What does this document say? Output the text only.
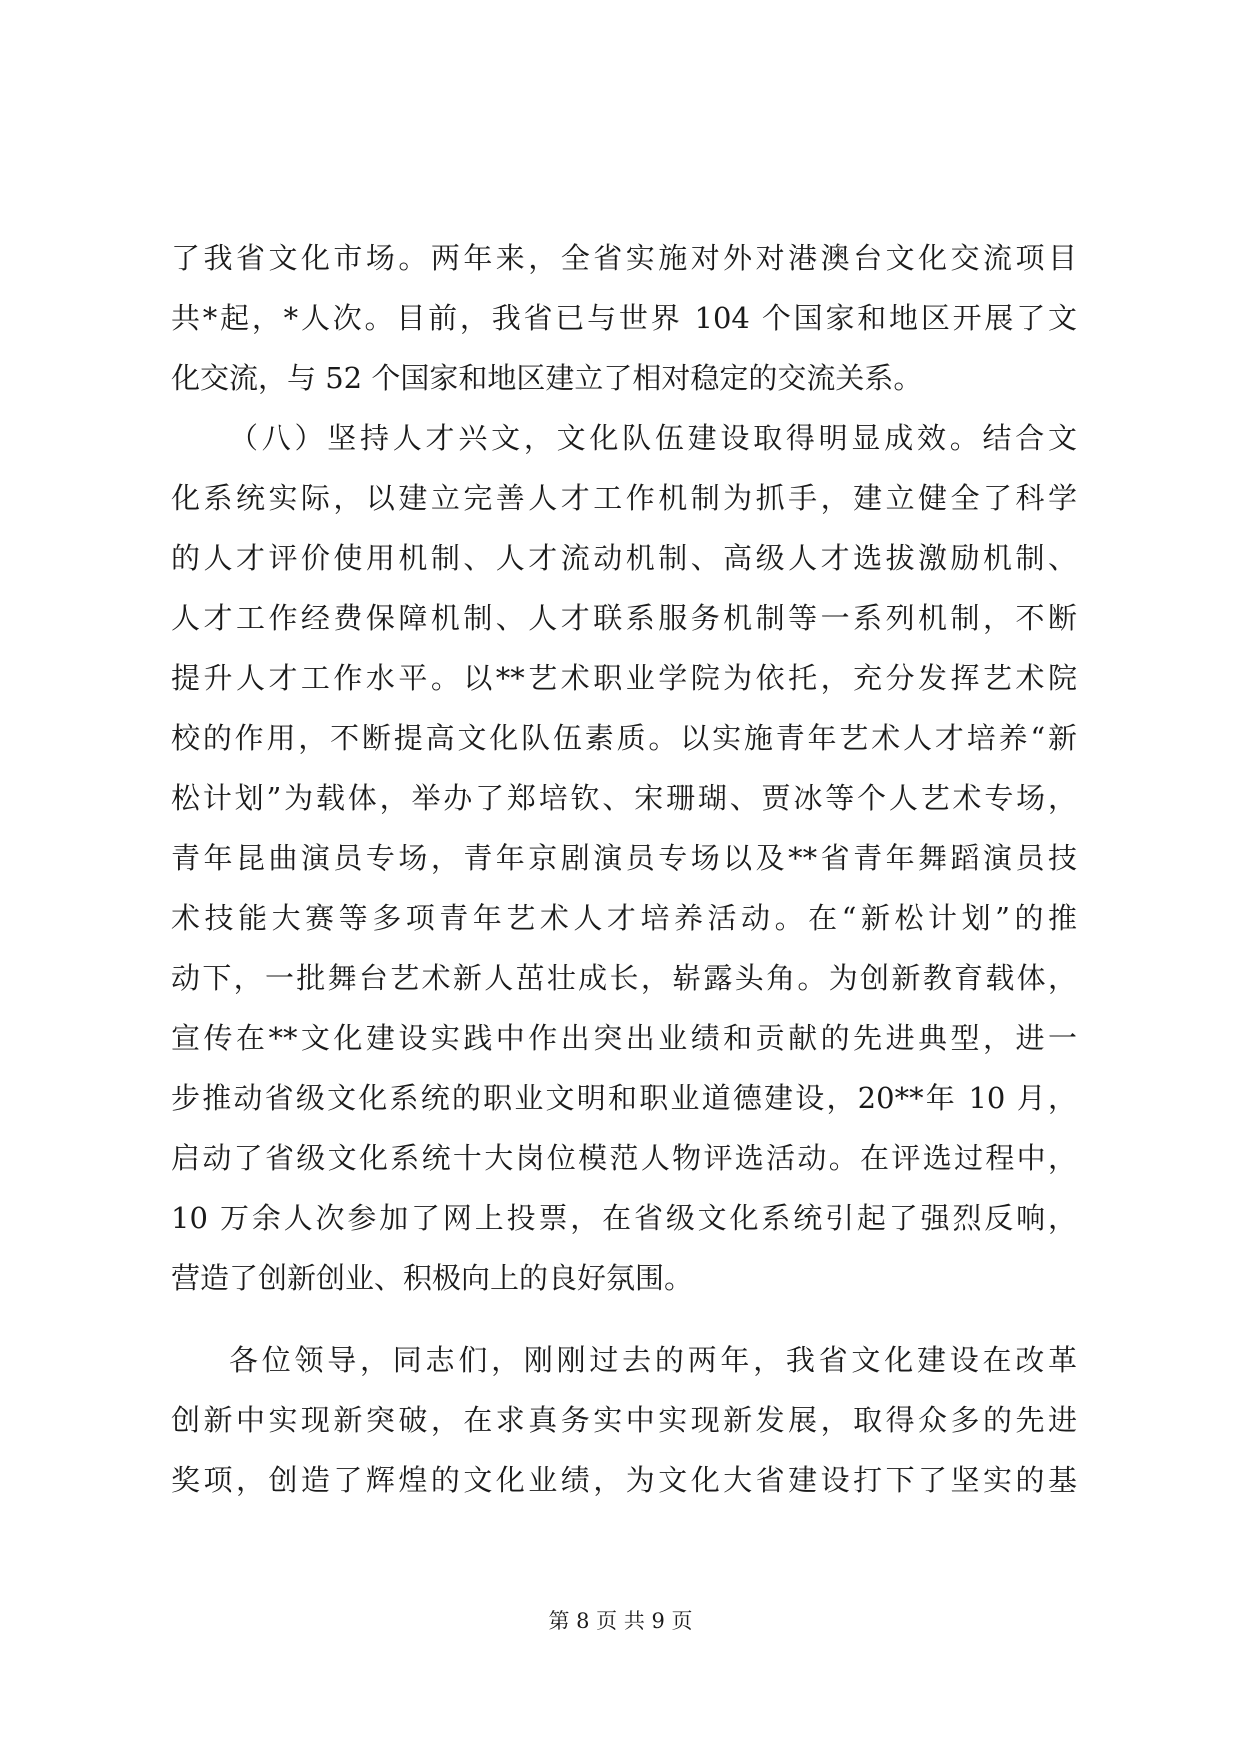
了我省文化市场。两年来，全省实施对外对港澳台文化交流项目
共*起，*人次。目前，我省已与世界 104 个国家和地区开展了文
化交流，与 52 个国家和地区建立了相对稳定的交流关系。
（八）坚持人才兴文，文化队伍建设取得明显成效。结合文
化系统实际，以建立完善人才工作机制为抓手，建立健全了科学
的人才评价使用机制、人才流动机制、高级人才选拔激励机制、
人才工作经费保障机制、人才联系服务机制等一系列机制，不断
提升人才工作水平。以**艺术职业学院为依托，充分发挥艺术院
校的作用，不断提高文化队伍素质。以实施青年艺术人才培养“新
松计划”为载体，举办了郑培钦、宋珊瑚、贾冰等个人艺术专场，
青年昆曲演员专场，青年京剧演员专场以及**省青年舞蹈演员技
术技能大赛等多项青年艺术人才培养活动。在“新松计划”的推
动下，一批舞台艺术新人茁壮成长，崭露头角。为创新教育载体，
宣传在**文化建设实践中作出突出业绩和贡献的先进典型，进一
步推动省级文化系统的职业文明和职业道德建设，20**年 10 月，
启动了省级文化系统十大岗位模范人物评选活动。在评选过程中，
10 万余人次参加了网上投票，在省级文化系统引起了强烈反响，
营造了创新创业、积极向上的良好氛围。
各位领导，同志们，刚刚过去的两年，我省文化建设在改革
创新中实现新突破，在求真务实中实现新发展，取得众多的先进
奖项，创造了辉煌的文化业绩，为文化大省建设打下了坚实的基
第 8 页 共 9 页
